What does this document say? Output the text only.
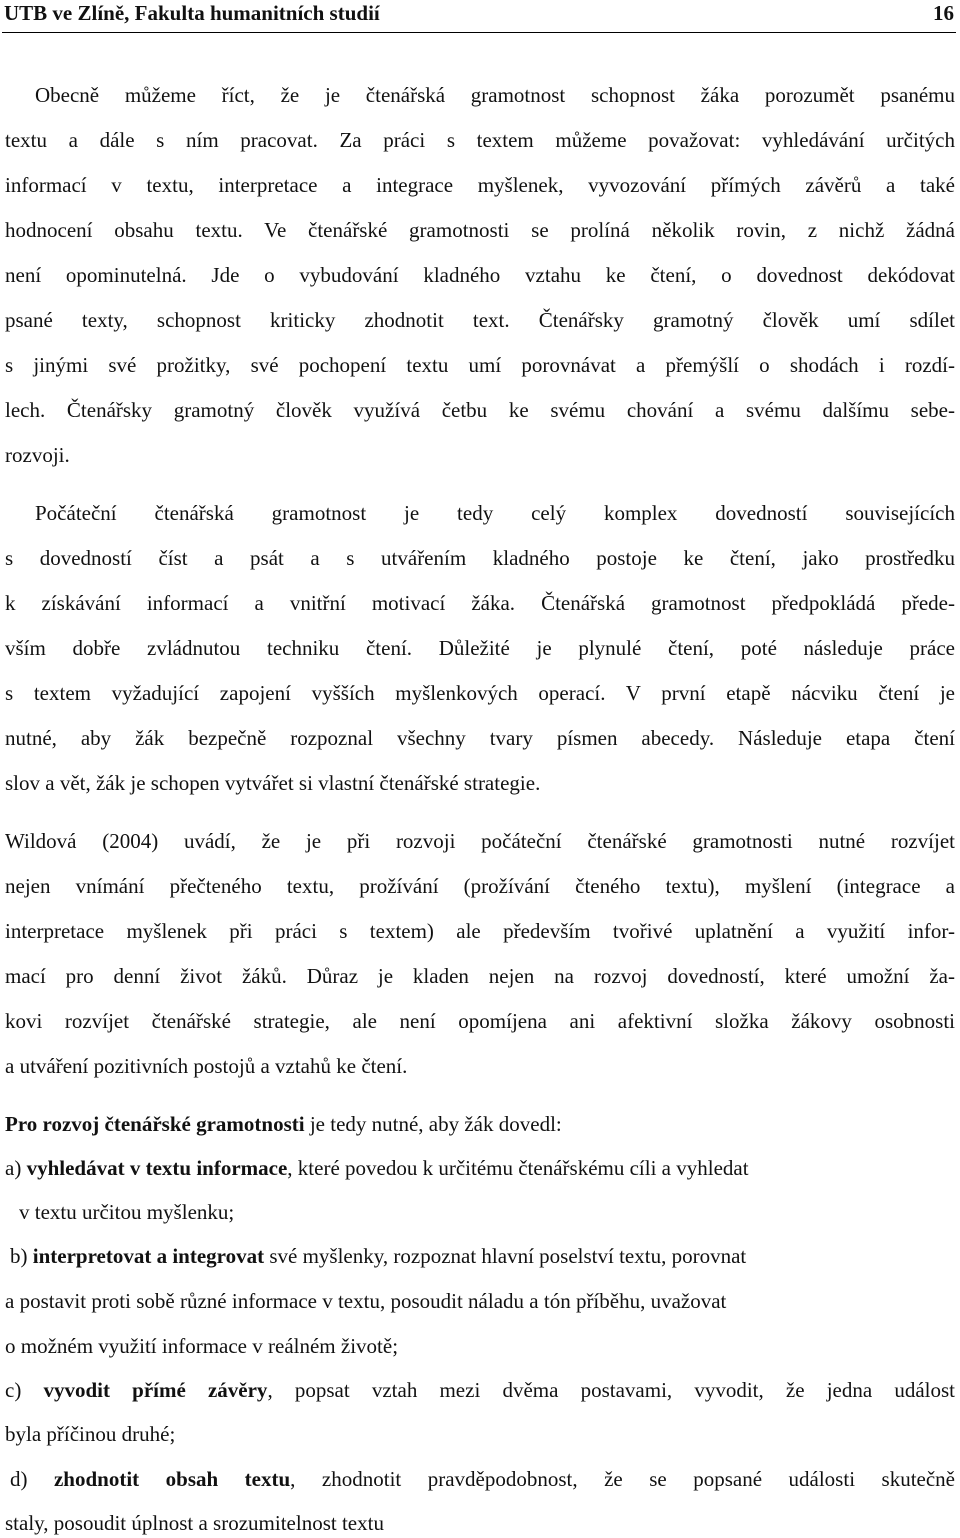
UTB ve Zlíně, Fakulta humanitních studií	16
Obecně můžeme říct, že je čtenářská gramotnost schopnost žáka porozumět psanému
textu a dále s ním pracovat. Za práci s textem můžeme považovat: vyhledávání určitých
informací v textu, interpretace a integrace myšlenek, vyvozování přímých závěrů a také
hodnocení obsahu textu. Ve čtenářské gramotnosti se prolíná několik rovin, z nichž žádná
není opominutelná. Jde o vybudování kladného vztahu ke čtení, o dovednost dekódovat
psané texty, schopnost kriticky zhodnotit text. Čtenářsky gramotný člověk umí sdílet
s jinými své prožitky, své pochopení textu umí porovnávat a přemýšlí o shodách i rozdí-
lech. Čtenářsky gramotný člověk využívá četbu ke svému chování a svému dalšímu sebe-
rozvoji.
Počáteční čtenářská gramotnost je tedy celý komplex dovedností souvisejících
s dovedností číst a psát a s utvářením kladného postoje ke čtení, jako prostředku
k získávání informací a vnitřní motivací žáka. Čtenářská gramotnost předpokládá přede-
vším dobře zvládnutou techniku čtení. Důležité je plynulé čtení, poté následuje práce
s textem vyžadující zapojení vyšších myšlenkových operací. V první etapě nácviku čtení je
nutné, aby žák bezpečně rozpoznal všechny tvary písmen abecedy. Následuje etapa čtení
slov a vět, žák je schopen vytvářet si vlastní čtenářské strategie.
Wildová (2004) uvádí, že je při rozvoji počáteční čtenářské gramotnosti nutné rozvíjet
nejen vnímání přečteného textu, prožívání (prožívání čteného textu), myšlení (integrace a
interpretace myšlenek při práci s textem) ale především tvořivé uplatnění a využití infor-
mací pro denní život žáků. Důraz je kladen nejen na rozvoj dovedností, které umožní ža-
kovi rozvíjet čtenářské strategie, ale není opomíjena ani afektivní složka žákovy osobnosti
a utváření pozitivních postojů a vztahů ke čtení.
Pro rozvoj čtenářské gramotnosti je tedy nutné, aby žák dovedl:
a) vyhledávat v textu informace, které povedou k určitému čtenářskému cíli a vyhledat
v textu určitou myšlenku;
b) interpretovat a integrovat své myšlenky, rozpoznat hlavní poselství textu, porovnat
a postavit proti sobě různé informace v textu, posoudit náladu a tón příběhu, uvažovat
o možném využití informace v reálném životě;
c) vyvodit přímé závěry, popsat vztah mezi dvěma postavami, vyvodit, že jedna událost
byla příčinou druhé;
d) zhodnotit obsah textu, zhodnotit pravděpodobnost, že se popsané události skutečně
staly, posoudit úplnost a srozumitelnost textu
